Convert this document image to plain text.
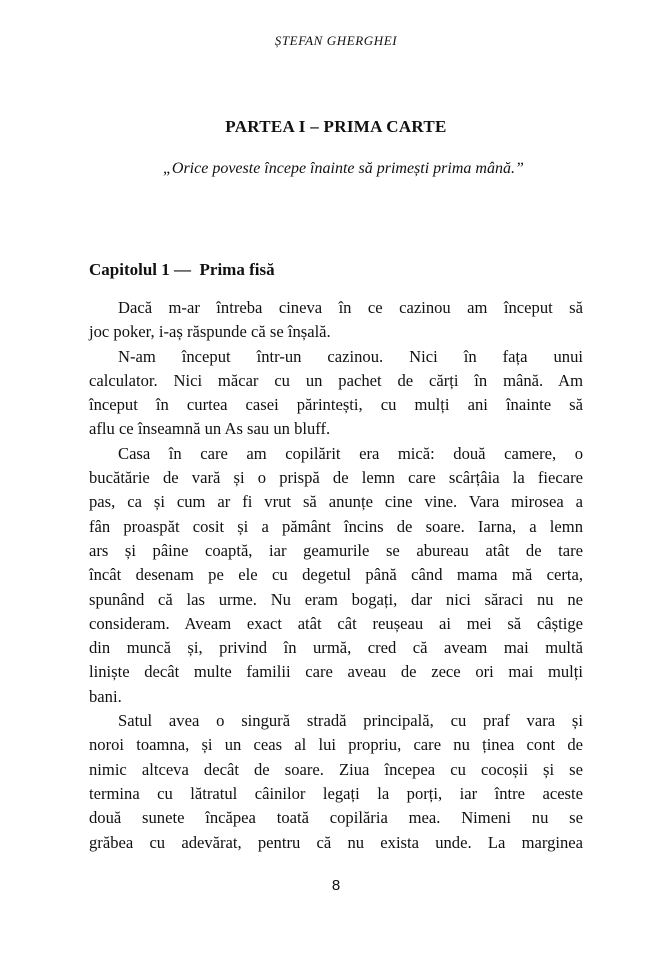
ȘTEFAN GHERGHEI
PARTEA I – PRIMA CARTE
„Orice poveste începe înainte să primești prima mână.”
Capitolul 1 —  Prima fisă
Dacă m-ar întreba cineva în ce cazinou am început să
joc poker, i-aș răspunde că se înșală.
N-am început într-un cazinou. Nici în fața unui
calculator. Nici măcar cu un pachet de cărți în mână. Am
început în curtea casei părintești, cu mulți ani înainte să
aflu ce înseamnă un As sau un bluff.
Casa în care am copilărit era mică: două camere, o
bucătărie de vară și o prispă de lemn care scârțâia la fiecare
pas, ca și cum ar fi vrut să anunțe cine vine. Vara mirosea a
fân proaspăt cosit și a pământ încins de soare. Iarna, a lemn
ars și pâine coaptă, iar geamurile se abureau atât de tare
încât desenam pe ele cu degetul până când mama mă certa,
spunând că las urme. Nu eram bogați, dar nici săraci nu ne
consideram. Aveam exact atât cât reușeau ai mei să câștige
din muncă și, privind în urmă, cred că aveam mai multă
liniște decât multe familii care aveau de zece ori mai mulți
bani.
Satul avea o singură stradă principală, cu praf vara și
noroi toamna, și un ceas al lui propriu, care nu ținea cont de
nimic altceva decât de soare. Ziua începea cu cocoșii și se
termina cu lătratul câinilor legați la porți, iar între aceste
două sunete încăpea toată copilăria mea. Nimeni nu se
grăbea cu adevărat, pentru că nu exista unde. La marginea
8
